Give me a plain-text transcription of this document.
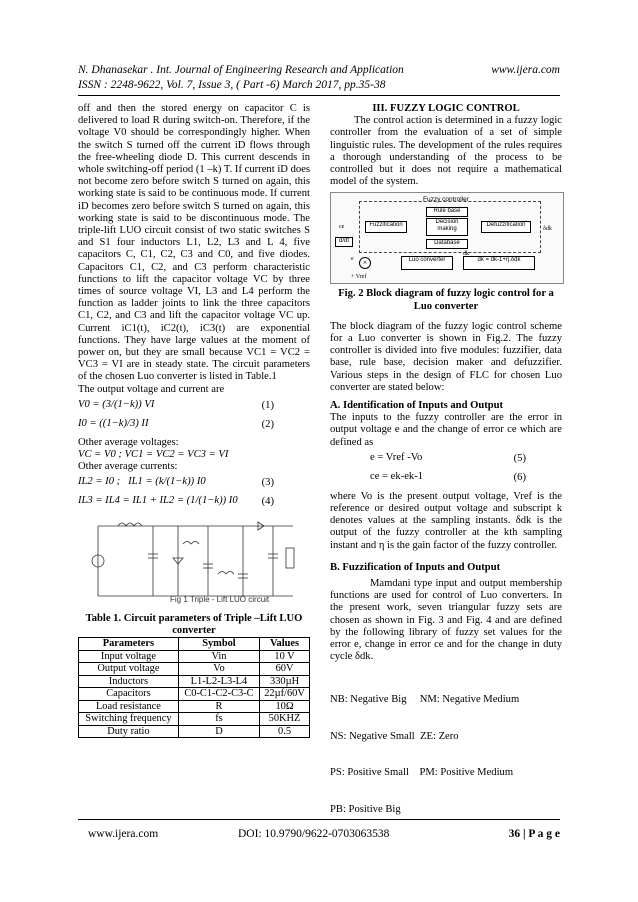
N. Dhanasekar . Int. Journal of Engineering Research and Application	www.ijera.com
ISSN : 2248-9622, Vol. 7, Issue 3, ( Part -6) March 2017, pp.35-38

off and then the stored energy on capacitor C is delivered to load R during switch-on. Therefore, if the voltage V0 should be correspondingly higher. When the switch S turned off the current iD flows through the free-wheeling diode D. This current descends in whole switching-off period (1 –k) T. If current iD does not become zero before switch S turned on again, this working state is said to be continuous mode. If current iD becomes zero before switch S turned on again, this working state is said to be discontinuous mode. The triple-lift LUO circuit consist of two static switches S and S1 four inductors L1, L2, L3 and L 4, five capacitors C, C1, C2, C3 and C0, and five diodes. Capacitors C1, C2, and C3 perform characteristic functions to lift the capacitor voltage VC by three times of source voltage VI, L3 and L4 perform the function as ladder joints to link the three capacitors C1, C2, and C3 and lift the capacitor voltage VC up. Current iC1(t), iC2(t), iC3(t) are exponential functions. They have large values at the moment of power on, but they are small because VC1 = VC2 = VC3 = VI are in steady state. The circuit parameters of the chosen Luo converter is listed in Table.1

The output voltage and current are

V0 = (3/(1−k)) VI	(1)
I0 = ((1−k)/3) II	(2)

Other average voltages:

VC = V0 ; VC1 = VC2 = VC3 = VI

Other average currents:

IL2 = I0 ; IL1 = (k/(1−k)) I0	(3)
IL3 = IL4 = IL1 + IL2 = (1/(1−k)) I0 (4)
Fig 1 Triple - Lift LUO circuit

Table 1. Circuit parameters of Triple –Lift LUO converter

Parameters	Symbol	Values
Input voltage	Vin	10 V
Output voltage	Vo	60V
Inductors	L1-L2-L3-L4	330µH
Capacitors	C0-C1-C2-C3-C	22µf/60V
Load resistance	R	10Ω
Switching frequency	fs	50KHZ
Duty ratio	D	0.5

III. FUZZY LOGIC CONTROL

The control action is determined in a fuzzy logic controller from the evaluation of a set of simple linguistic rules. The development of the rules requires a thorough understanding of the process to be controlled but it does not require a mathematical model of the system.

Fuzzy controller
Rule base
Fuzzification	Decision making
Defuzzification
Database
Luo converter	dk = dk-1+η.δdk
d/dt
ce
e
+ Vref
δdk
dk
×

Fig. 2 Block diagram of fuzzy logic control for a Luo converter

The block diagram of the fuzzy logic control scheme for a Luo converter is shown in Fig.2. The fuzzy controller is divided into five modules: fuzzifier, data base, rule base, decision maker and defuzzifier. Various steps in the design of FLC for chosen Luo converter are stated below:

A. Identification of Inputs and Output

The inputs to the fuzzy controller are the error in output voltage e and the change of error ce which are defined as

e = Vref -Vo	(5)
ce = ek-ek-1	(6)

where Vo is the present output voltage, Vref is the reference or desired output voltage and subscript k denotes values at the sampling instants. δdk is the output of the fuzzy controller at the kth sampling instant and η is the gain factor of the fuzzy controller.

B. Fuzzification of Inputs and Output

Mamdani type input and output membership functions are used for control of Luo converters. In the present work, seven triangular fuzzy sets are chosen as shown in Fig. 3 and Fig. 4 and are defined by the following library of fuzzy set values for the error e, change in error ce and for the change in duty cycle δdk.

NB: Negative Big     NM: Negative Medium

NS: Negative Small  ZE: Zero

PS: Positive Small    PM: Positive Medium

PB: Positive Big

www.ijera.com	DOI: 10.9790/9622-0703063538	36 | P a g e
